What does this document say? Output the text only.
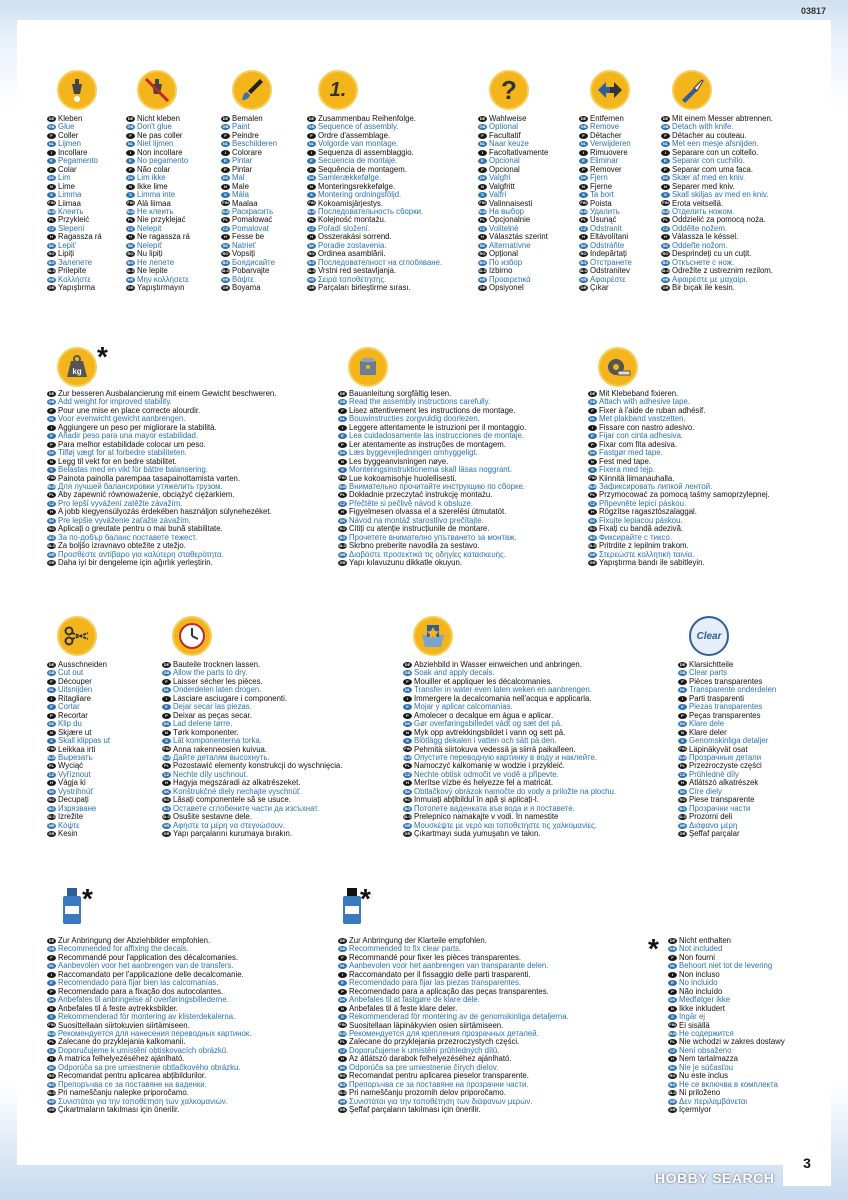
03817
1.	?
DE Kleben
GB Glue
F Coller
NL Lijmen
I Incollare
E Pegamento
P Colar
DK Lim
N Lime
S Limma
FIN Liimaa
RUS Клеить
PL Przykleić
CZ Slepení
H Ragassza rá
SK Lepiť
RO Lipiți
BG Залепете
SLO Prilepite
HR Κολλήστε
GR Yapıştırma
DE Nicht kleben
GB Don't glue
F Ne pas coller
NL Niet lijmen
I Non incollare
E No pegamento
P Não colar
DK Lim ikke
N Ikke lime
S Limma inte
FIN Älä liimaa
RUS Не клеить
PL Nie przyklejać
CZ Nelepit
H Ne ragassza rá
SK Nelepiť
RO Nu lipiți
BG Не лепете
SLO Ne lepite
HR Μην κολλήσετε
GR Yapıştırmayın
DE Bemalen
GB Paint
F Peindre
NL Beschilderen
I Colorare
E Pintar
P Pintar
DK Mal
N Male
S Måla
FIN Maalaa
RUS Раскрасить
PL Pomalować
CZ Pomalovat
H Fesse be
SK Natrieť
RO Vopsiți
BG Боядисайте
SLO Pobarvajte
HR Βάψτε
GR Boyama
DE Zusammenbau Reihenfolge.
GB Sequence of assembly.
F Ordre d'assemblage.
NL Volgorde van montage.
I Sequenza di assemblaggio.
E Secuencia de montaje.
P Sequência de montagem.
DK Samlerækkefølge.
N Monteringsrekkefølge.
S Montering ordningsföljd.
FIN Kokoamisjärjestys.
RUS Последовательность сборки.
PL Kolejność montażu.
CZ Pořadí složení.
H Összerakási sorrend.
SK Poradie zostavenia.
RO Ordinea asamblării.
BG Последователност на сглобяване.
SLO Vrstni red sestavljanja.
HR Σειρά τοποθέτησης.
GR Parçaları birleştirme sırası.
DE Wahlweise
GB Optional
F Facultatif
NL Naar keuze
I Facoltativamente
E Opcional
P Opcional
DK Valgfri
N Valgfritt
S Valfri
FIN Valinnaisesti
RUS На выбор
PL Opcjonalnie
CZ Volitelné
H Választás szerint
SK Alternatívne
RO Opțional
BG По избор
SLO Izbirno
HR Προαιρετικά
GR Opsiyonel
DE Entfernen
GB Remove
F Détacher
NL Verwijderen
I Rimuovere
E Eliminar
P Remover
DK Fjern
N Fjerne
S Ta bort
FIN Poista
RUS Удалить
PL Usunąć
CZ Odstranit
H Eltávolítani
SK Odstráňte
RO Îndepărtați
BG Отстранете
SLO Odstranitev
HR Αφαιρέστε
GR Çıkar
DE Mit einem Messer abtrennen.
GB Detach with knife.
F Détacher au couteau.
NL Met een mesje afsnijden.
I Separare con un coltello.
E Separar con cuchillo.
P Separar com uma faca.
DK Skær af med en kniv.
N Separer med kniv.
S Skall skiljas av med en kniv.
FIN Erota veitsellä.
RUS Отделить ножом.
PL Oddzielić za pomocą noża.
CZ Oddělte nožem.
H Válassza le késsel.
SK Oddeľte nožom.
RO Desprindeți cu un cuțit.
BG Откъснете с нож.
SLO Odrežite z ustreznim rezilom.
HR Αφαιρέστε με μαχαίρι.
GR Bir bıçak ile kesin.
kg *
DE Zur besseren Ausbalancierung mit einem Gewicht beschweren.
GB Add weight for improved stability.
F Pour une mise en place correcte alourdir.
NL Voor evenwicht gewicht aanbrengen.
I Aggiungere un peso per migliorare la stabilità.
E Añadir peso para una mayor estabilidad.
P Para melhor estabilidade colocar um peso.
DK Tilføj vægt for at forbedre stabiliteten.
N Legg til vekt for en bedre stabilitet.
S Belastas med en vikt för bättre balansering.
FIN Painota painolla parempaa tasapainottamista varten.
RUS Для лучшей балансировки утяжелить грузом.
PL Aby zapewnić równoważenie, obciążyć ciężarkiem.
CZ Pro lepší vyvážení zatěžte závažím.
H A jobb kiegyensúlyozás érdekében használjon súlynehezéket.
SK Pre lepšie vyváženie zaťažte závažím.
RO Aplicați o greutate pentru o mai bună stabilitate.
BG За по-добър баланс поставете тежест.
SLO Za boljšo izravnavo obtežite z utežjo.
HR Προσθέστε αντίβαρο για καλύτερη σταθερότητα.
GR Daha iyi bir dengeleme için ağırlık yerleştirin.
DE Bauanleitung sorgfältig lesen.
GB Read the assembly instructions carefully.
F Lisez attentivement les instructions de montage.
NL Bouwinstructies zorgvuldig doorlezen.
I Leggere attentamente le istruzioni per il montaggio.
E Lea cuidadosamente las instrucciones de montaje.
P Ler atentamente as instruções de montagem.
DK Læs byggevejledningen omhyggeligt.
N Les byggeanvisningen nøye.
S Monteringsinstruktionerna skall läsas noggrant.
FIN Lue kokoamisohje huolellisesti.
RUS Внимательно прочитайте инструкцию по сборке.
PL Dokładnie przeczytać instrukcję montażu.
CZ Přečtěte si pečlivě návod k obsluze.
H Figyelmesen olvassa el a szerelési útmutatót.
SK Návod na montáž starostlivo prečítajte.
RO Citiți cu atenție instrucțiunile de montare.
BG Прочетете внимателно упътването за монтаж.
SLO Skrbno preberite navodila za sestavo.
HR Διαβάστε προσεκτικά τις οδηγίες κατασκευής.
GR Yapı kılavuzunu dikkatle okuyun.
DE Mit Klebeband fixieren.
GB Attach with adhesive tape.
F Fixer à l'aide de ruban adhésif.
NL Met plakband vastzetten.
I Fissare con nastro adesivo.
E Fijar con cinta adhesiva.
P Fixar com fita adesiva.
DK Fastgør med tape.
N Fest med tape.
S Fixera med tejp.
FIN Kiinnitä liimanauhalla.
RUS Зафиксировать липкой лентой.
PL Przymocować za pomocą taśmy samoprzylepnej.
CZ Připevněte lepicí páskou.
H Rögzítse ragasztószalaggal.
SK Fixujte lepiacou páskou.
RO Fixați cu bandă adezivă.
BG Фиксирайте с тиксо.
SLO Pritrdite z lepilnim trakom.
HR Στερεώστε κολλητική ταινία.
GR Yapıştırma bandı ile sabitleyin.
Clear
DE Ausschneiden
GB Cut out
F Découper
NL Uitsnijden
I Ritagliare
E Cortar
P Recortar
DK Klip du
N Skjære ut
S Skall klippas ut
FIN Leikkaa irti
RUS Вырезать
PL Wyciąć
CZ Vyříznout
H Vágja ki
SK Vystrihnúť
RO Decupați
BG Изрязване
SLO Izrežite
HR Κόψτε
GR Kesin
DE Bauteile trocknen lassen.
GB Allow the parts to dry.
F Laisser sécher les pièces.
NL Onderdelen laten drogen.
I Lasciare asciugare i componenti.
E Dejar secar las piezas.
P Deixar as peças secar.
DK Lad delene tørre.
N Tørk komponenter.
S Låt komponenterna torka.
FIN Anna rakenneosien kuivua.
RUS Дайте деталям высохнуть.
PL Pozostawić elementy konstrukcji do wyschnięcia.
CZ Nechte díly uschnout.
H Hagyja megszáradi az alkatrészeket.
SK Konštrukčné diely nechajte vyschnúť.
RO Lăsați componentele să se usuce.
BG Оставете сглобените части да изсъхнат.
SLO Osušite sestavne dele.
HR Αφήστε τα μέρη να στεγνώσουν.
GR Yapı parçalarını kurumaya bırakın.
DE Abziehbild in Wasser einweichen und anbringen.
GB Soak and apply decals.
F Mouiller et appliquer les décalcomanies.
NL Transfer in water even laten weken en aanbrengen.
I Immergere la decalcomania nell'acqua e applicarla.
E Mojar y aplicar calcomanías.
P Amolecer o decalque em água e aplicar.
DK Gør overføringsbilledet vådt og sæt det på.
N Myk opp avtrekkingsbildet i vann og sett på.
S Blötlägg dekalen i vatten och sätt på den.
FIN Pehmitä siirtokuva vedessä ja siirrä paikalleen.
RUS Опустите переводную картинку в воду и наклейте.
PL Namoczyć kalkomanię w wodzie i przykleić.
CZ Nechte obtisk odmočit ve vodě a připevte.
H Merítse vízbe és helyezze fel a matricát.
SK Obtlačkový obrázok namočte do vody a priložte na plochu.
RO Înmuiați abțibildul în apă și aplicați-l.
BG Потопете ваденката във вода и я поставете.
SLO Prelepnico namakajte v vodi. In namestite
HR Μουσκέψτε με νερό και τοποθετήστε τις χαλκομανίες.
GR Çıkartmayı suda yumuşatın ve takın.
DE Klarsichtteile
GB Clear parts
F Pièces transparentes
NL Transparente onderdelen
I Parti trasparenti
E Piezas transparentes
P Peças transparentes
DK Klare dele
N Klare deler
S Genomskinliga detaljer
FIN Läpinäkyvät osat
RUS Прозрачные детали
PL Przezroczyste części
CZ Průhledné díly
H Átlátszó alkatrészek
SK Číre diely
RO Piese transparente
BG Прозрачни части
SLO Prozorni deli
HR Διάφανα μέρη
GR Şeffaf parçalar
*	*
*
DE Zur Anbringung der Abziehbilder empfohlen.
GB Recommended for affixing the decals.
F Recommandé pour l'application des décalcomanies.
NL Aanbevolen voor het aanbrengen van de transfers.
I Raccomandato per l'applicazione delle decalcomanie.
E Recomendado para fijar bien las calcomanías.
P Recomendado para a fixação dos autocolantes.
DK Anbefales til anbringelse af overføringsbillederne.
N Anbefales til å feste avtrekksbilder.
S Rekommenderad för montering av klisterdekalerna.
FIN Suosittellaan siirtokuvien siirtämiseen.
RUS Рекомендуется для нанесения переводных картинок.
PL Zalecane do przyklejania kalkomanii.
CZ Doporučujeme k umístění obtiskovacích obrázků.
H A matrica felhelyezéséhez ajánlható.
SK Odporúča sa pre umiestnenie obtlačkového obrázku.
RO Recomandat pentru aplicarea abțibildurilor.
BG Препоръчва се за поставяне на ваденки.
SLO Pri nameščanju nalepke priporočamo.
HR Συνιστάται για την τοποθέτηση των χαλκομανιών.
GR Çıkartmaların takılması için önerilir.
DE Zur Anbringung der Klarteile empfohlen.
GB Recommended to fix clear parts.
F Recommandé pour fixer les pièces transparentes.
NL Aanbevolen voor het aanbrengen van transparante delen.
I Raccomandato per il fissaggio delle parti trasparenti.
E Recomendado para fijar las piezas transparentes.
P Recomendado para a aplicação das peças transparentes.
DK Anbefales til at fastgøre de klare dele.
N Anbefales til å feste klare deler.
S Rekommenderad för montering av de genomskinliga detaljerna.
FIN Suositellaan läpinäkyvien osien siirtämiseen.
RUS Рекомендуется для крепления прозрачных деталей.
PL Zalecane do przyklejania przezroczystych części.
CZ Doporučujeme k umístění průhledných dílů.
H Az átlátszó darabok felhelyezéséhez ajánlható.
SK Odporúča sa pre umiestnenie čírych dielov.
RO Recomandat pentru aplicarea pieselor transparente.
BG Препоръчва се за поставяне на прозрачни части.
SLO Pri nameščanju prozornih delov priporočamo.
HR Συνιστάται για την τοποθέτηση των διάφανων μερών.
GR Şeffaf parçaların takılması için önerilir.
DE Nicht enthalten
GB Not included
F Non fourni
NL Behoort niet tot de levering
I Non incluso
E No incluido
P Não incluído
DK Medfølger ikke
N Ikke inkludert
S Ingår ej
FIN Ei sisällä
RUS Не содержится
PL Nie wchodzi w zakres dostawy
CZ Není obsaženo
H Nem tartalmazza
SK Nie je súčasťou
RO Nu este inclus
BG Не се включва в комплекта
SLO Ni priloženo
HR Δεν περιλαμβάνεται
GR İçermiyor
3
HOBBY SEARCH
